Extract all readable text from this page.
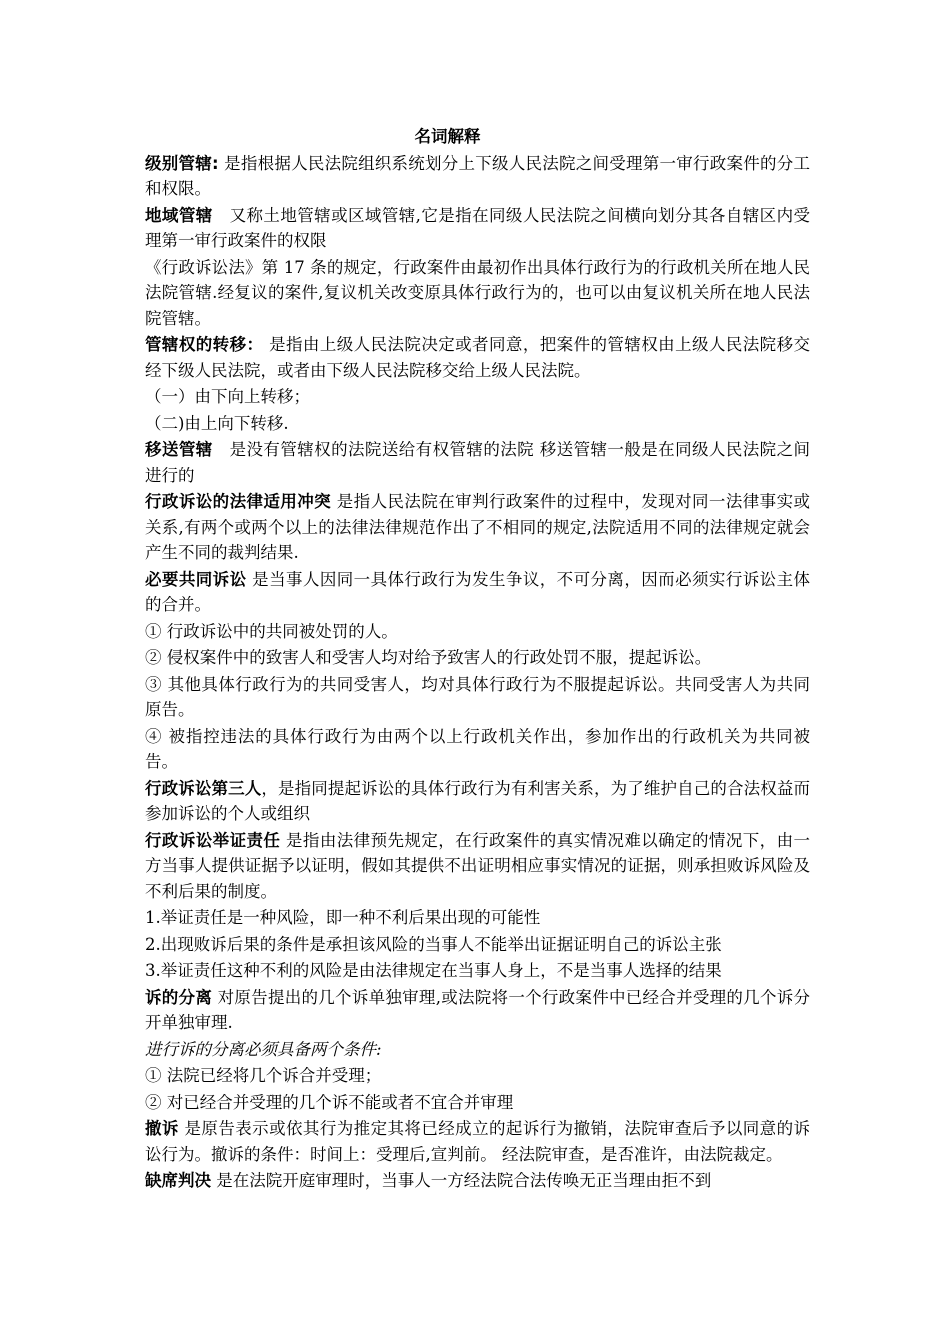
名词解释

级别管辖: 是指根据人民法院组织系统划分上下级人民法院之间受理第一审行政案件的分工和权限。

地域管辖　又称土地管辖或区域管辖,它是指在同级人民法院之间横向划分其各自辖区内受理第一审行政案件的权限

《行政诉讼法》第 17 条的规定，行政案件由最初作出具体行政行为的行政机关所在地人民法院管辖.经复议的案件,复议机关改变原具体行政行为的，也可以由复议机关所在地人民法院管辖。

管辖权的转移： 是指由上级人民法院决定或者同意，把案件的管辖权由上级人民法院移交经下级人民法院，或者由下级人民法院移交给上级人民法院。

（一）由下向上转移；

（二)由上向下转移.

移送管辖　是没有管辖权的法院送给有权管辖的法院 移送管辖一般是在同级人民法院之间进行的

行政诉讼的法律适用冲突 是指人民法院在审判行政案件的过程中，发现对同一法律事实或关系,有两个或两个以上的法律法律规范作出了不相同的规定,法院适用不同的法律规定就会产生不同的裁判结果.

必要共同诉讼 是当事人因同一具体行政行为发生争议，不可分离，因而必须实行诉讼主体的合并。

① 行政诉讼中的共同被处罚的人。

② 侵权案件中的致害人和受害人均对给予致害人的行政处罚不服，提起诉讼。

③ 其他具体行政行为的共同受害人，均对具体行政行为不服提起诉讼。共同受害人为共同原告。

④ 被指控违法的具体行政行为由两个以上行政机关作出，参加作出的行政机关为共同被告。

行政诉讼第三人，是指同提起诉讼的具体行政行为有利害关系，为了维护自己的合法权益而参加诉讼的个人或组织

行政诉讼举证责任 是指由法律预先规定，在行政案件的真实情况难以确定的情况下，由一方当事人提供证据予以证明，假如其提供不出证明相应事实情况的证据，则承担败诉风险及不利后果的制度。

1.举证责任是一种风险，即一种不利后果出现的可能性

2.出现败诉后果的条件是承担该风险的当事人不能举出证据证明自己的诉讼主张

3.举证责任这种不利的风险是由法律规定在当事人身上，不是当事人选择的结果

诉的分离 对原告提出的几个诉单独审理,或法院将一个行政案件中已经合并受理的几个诉分开单独审理.

进行诉的分离必须具备两个条件:

① 法院已经将几个诉合并受理；

② 对已经合并受理的几个诉不能或者不宜合并审理

撤诉 是原告表示或依其行为推定其将已经成立的起诉行为撤销，法院审查后予以同意的诉讼行为。撤诉的条件：时间上：受理后,宣判前。 经法院审查，是否准许，由法院裁定。

缺席判决 是在法院开庭审理时，当事人一方经法院合法传唤无正当理由拒不到
